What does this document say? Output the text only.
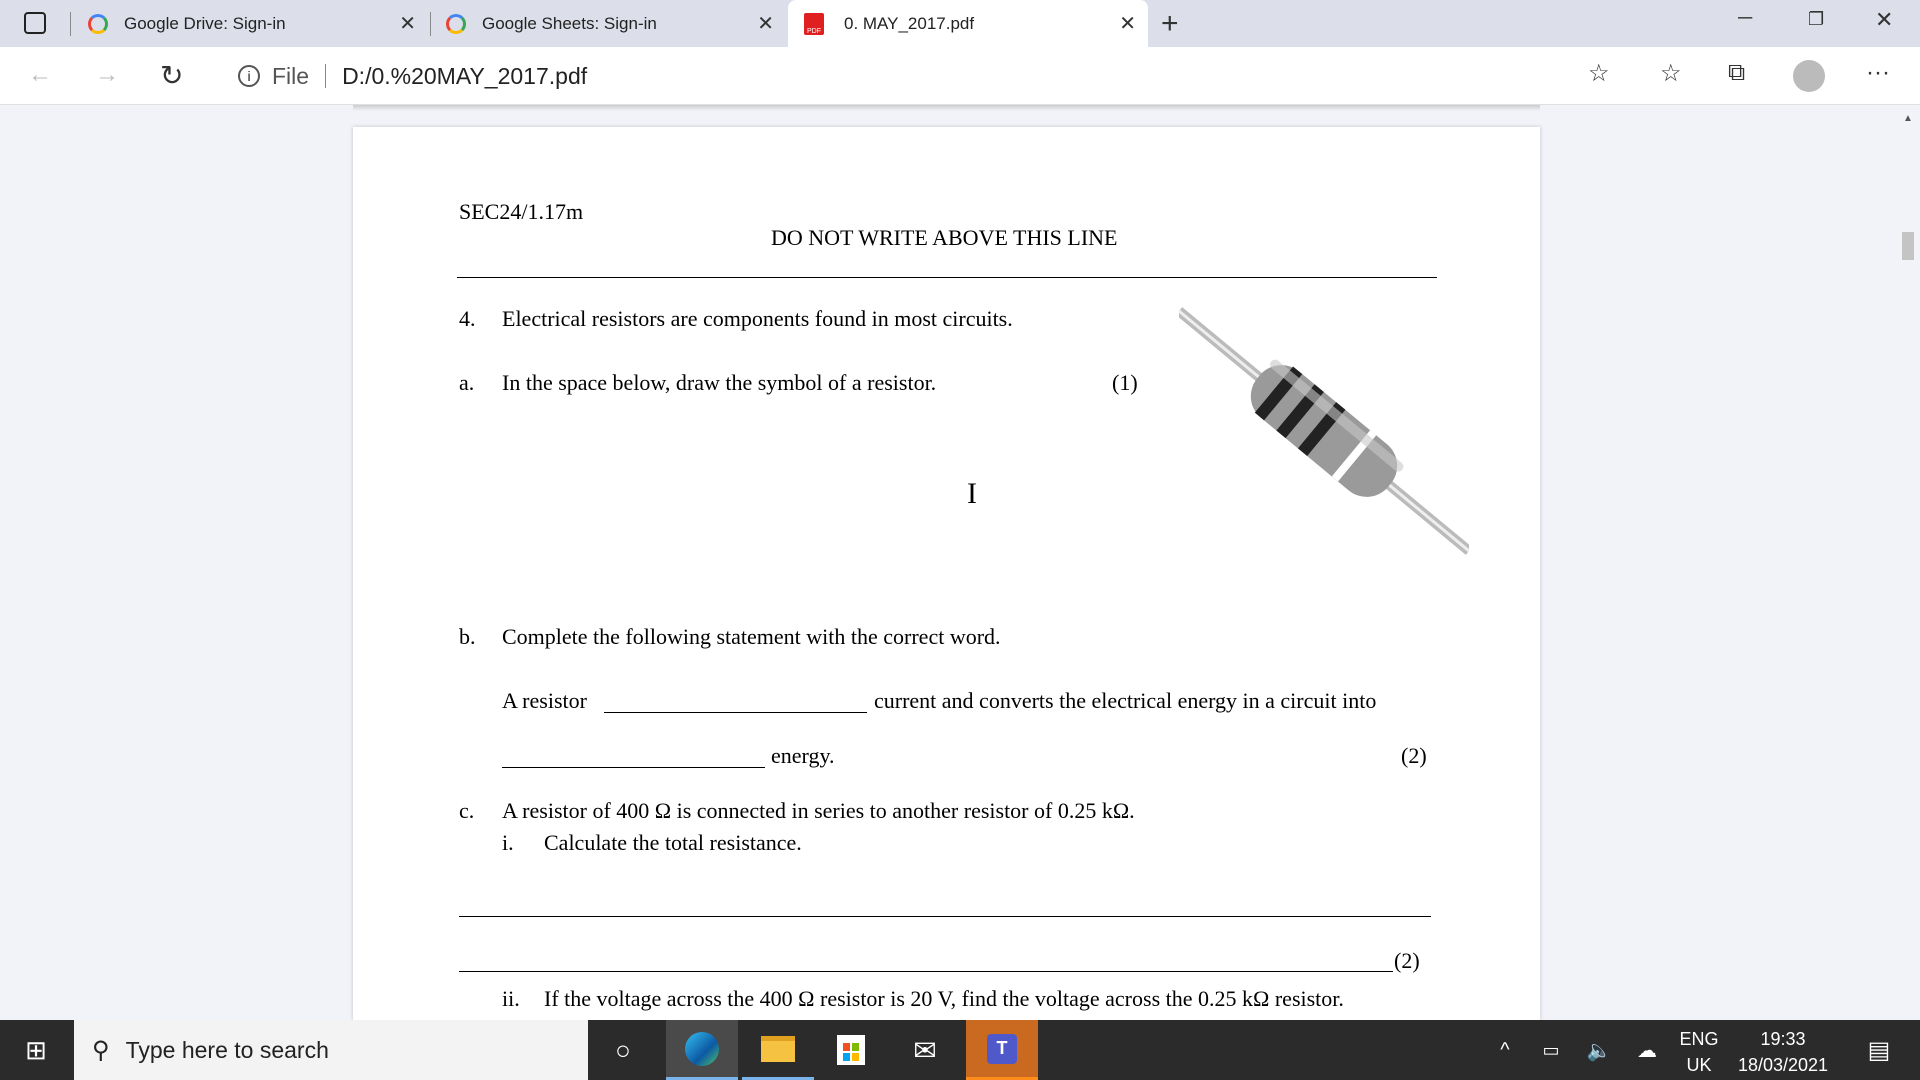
Google Drive: Sign-in	✕	Google Sheets: Sign-in	✕	PDF 0. MAY_2017.pdf	✕ +	─	❐ ✕
← → ↻	i File D:/0.%20MAY_2017.pdf	☆ ☆ ⧉	···
SEC24/1.17m
DO NOT WRITE ABOVE THIS LINE
4. Electrical resistors are components found in most circuits.
a. In the space below, draw the symbol of a resistor.	(1)
I
b. Complete the following statement with the correct word.
A resistor	current and converts the electrical energy in a circuit into
energy.	(2)
c. A resistor of 400 Ω is connected in series to another resistor of 0.25 kΩ.
i. Calculate the total resistance.
(2)
ii. If the voltage across the 400 Ω resistor is 20 V, find the voltage across the 0.25 kΩ resistor.
▲
⊞	⚲ Type here to search	○	✉	T	^	▭	🔈 ☁
ENG
UK
19:33
18/03/2021
▤
